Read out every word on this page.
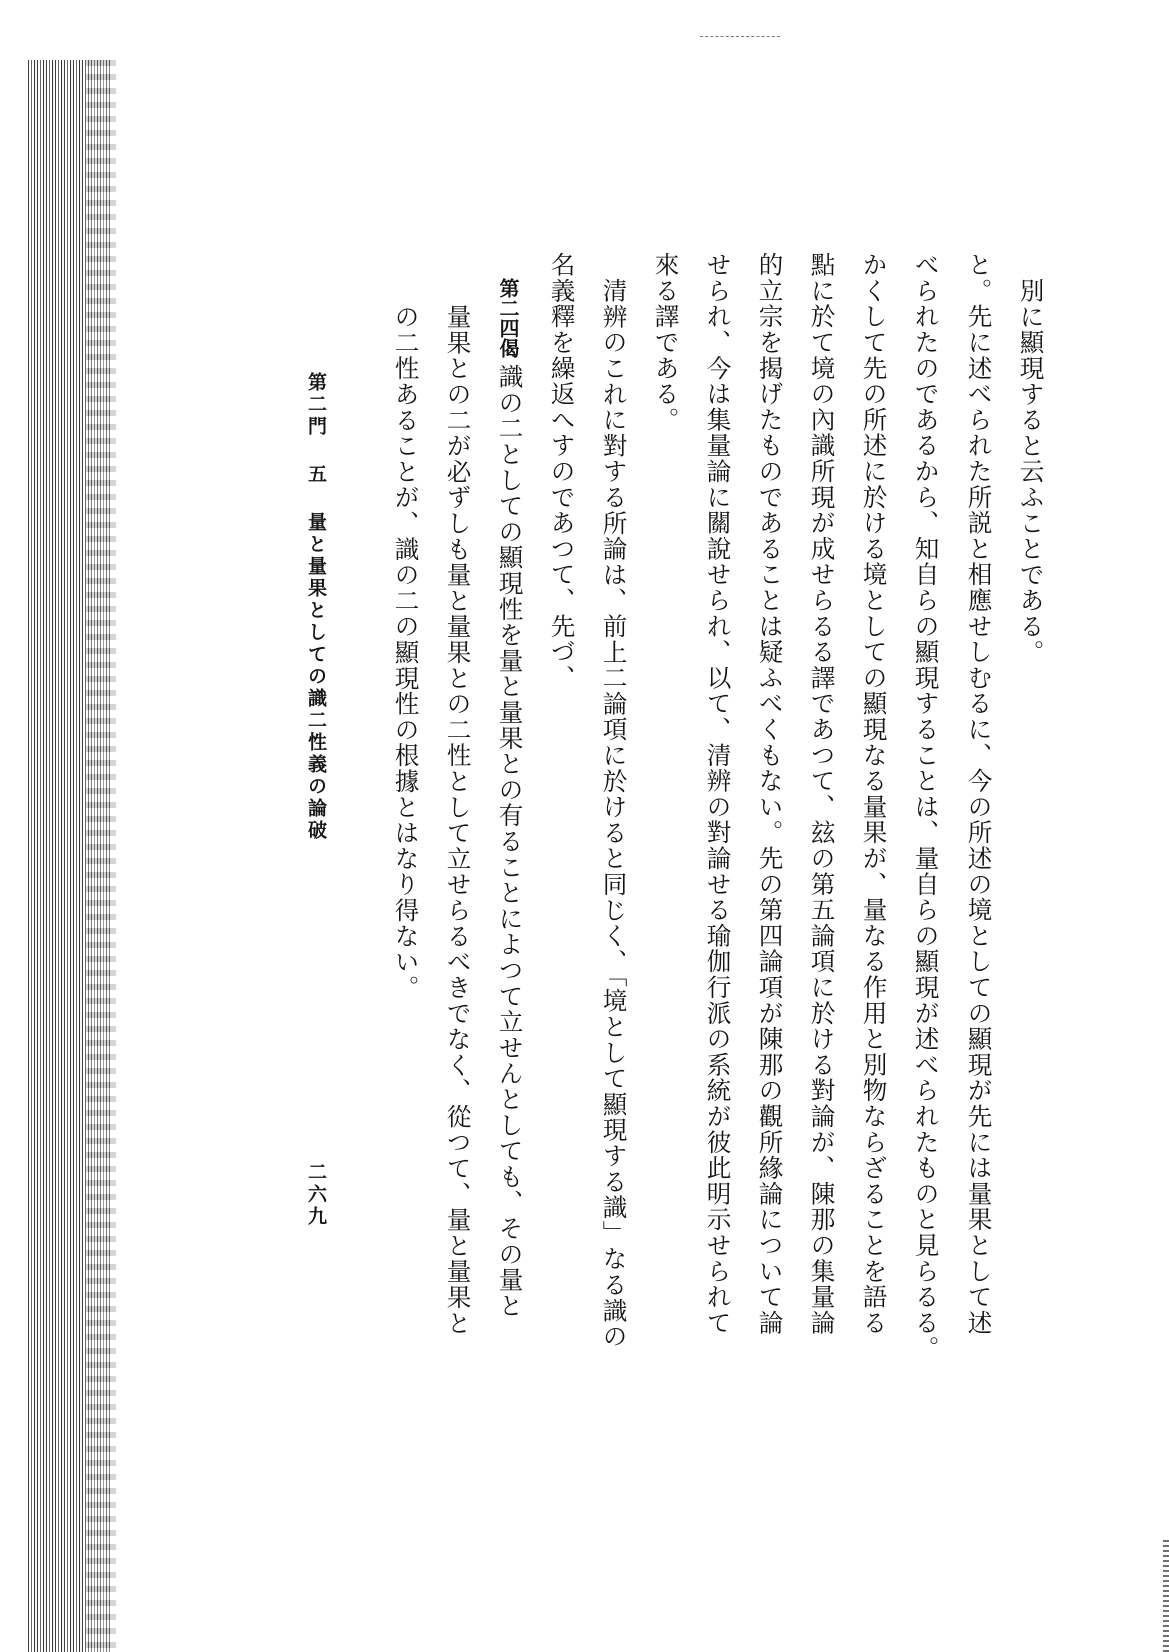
別に顯現すると云ふことである。
と。先に述べられた所説と相應せしむるに、今の所述の境としての顯現が先には量果として述
べられたのであるから、知自らの顯現することは、量自らの顯現が述べられたものと見らるる。
かくして先の所述に於ける境としての顯現なる量果が、量なる作用と別物ならざることを語る
點に於て境の內識所現が成せらるる譯であつて、玆の第五論項に於ける對論が、陳那の集量論
的立宗を揭げたものであることは疑ふべくもない。先の第四論項が陳那の觀所緣論について論
せられ、今は集量論に關說せられ、以て、清辨の對論せる瑜伽行派の系統が彼此明示せられて
來る譯である。
清辨のこれに對する所論は、前上二論項に於けると同じく、「境として顯現する識」なる識の
名義釋を繰返へすのであつて、先づ、
第二四偈
識の二としての顯現性を量と量果との有ることによつて立せんとしても、その量と
量果との二が必ずしも量と量果との二性として立せらるべきでなく、從つて、量と量果と
の二性あることが、識の二の顯現性の根據とはなり得ない。
第二門
五
量と量果としての識二性義の論破
二六九
